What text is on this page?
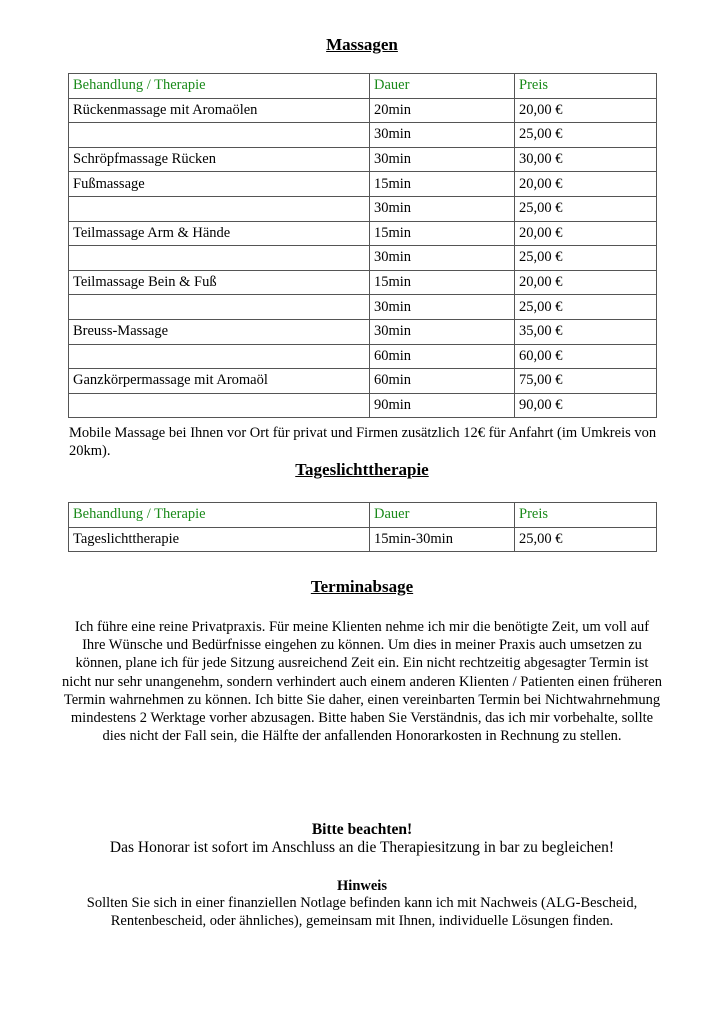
Massagen
Behandlung / Therapie	Dauer	Preis
Rückenmassage mit Aromaölen	20min	20,00 €
	30min	25,00 €
Schröpfmassage Rücken	30min	30,00 €
Fußmassage	15min	20,00 €
	30min	25,00 €
Teilmassage Arm & Hände	15min	20,00 €
	30min	25,00 €
Teilmassage Bein & Fuß	15min	20,00 €
	30min	25,00 €
Breuss-Massage	30min	35,00 €
	60min	60,00 €
Ganzkörpermassage mit Aromaöl	60min	75,00 €
	90min	90,00 €

Mobile Massage bei Ihnen vor Ort für privat und Firmen zusätzlich 12€ für Anfahrt (im Umkreis von 20km).

Tageslichttherapie
Behandlung / Therapie	Dauer	Preis
Tageslichttherapie	15min-30min	25,00 €
Terminabsage

Ich führe eine reine Privatpraxis. Für meine Klienten nehme ich mir die benötigte Zeit, um voll auf Ihre Wünsche und Bedürfnisse eingehen zu können. Um dies in meiner Praxis auch umsetzen zu können, plane ich für jede Sitzung ausreichend Zeit ein. Ein nicht rechtzeitig abgesagter Termin ist nicht nur sehr unangenehm, sondern verhindert auch einem anderen Klienten / Patienten einen früheren Termin wahrnehmen zu können. Ich bitte Sie daher, einen vereinbarten Termin bei Nichtwahrnehmung mindestens 2 Werktage vorher abzusagen. Bitte haben Sie Verständnis, das ich mir vorbehalte, sollte dies nicht der Fall sein, die Hälfte der anfallenden Honorarkosten in Rechnung zu stellen.

Bitte beachten!

Das Honorar ist sofort im Anschluss an die Therapiesitzung in bar zu begleichen!

Hinweis

Sollten Sie sich in einer finanziellen Notlage befinden kann ich mit Nachweis (ALG-Bescheid, Rentenbescheid, oder ähnliches), gemeinsam mit Ihnen, individuelle Lösungen finden.
